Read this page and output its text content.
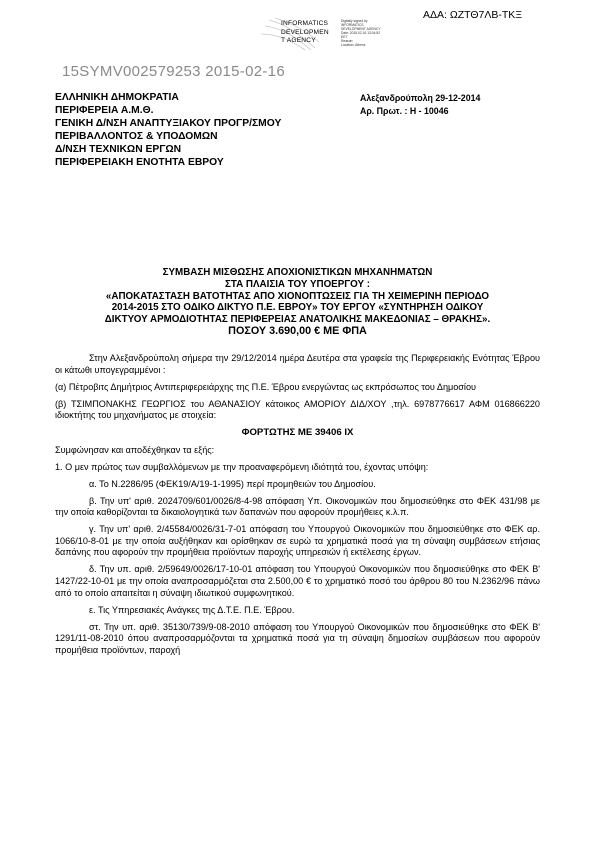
ΑΔΑ: ΩΖΤΘ7ΛΒ-ΤΚΞ
INFORMATICS
DEVELOPMEN
T AGENCY
Digitally signed by
INFORMATICS
DEVELOPMENT AGENCY
Date: 2015.02.16 13:04:52
EET
Reason:
Location: Athens
15SYMV002579253 2015-02-16
ΕΛΛΗΝΙΚΗ ΔΗΜΟΚΡΑΤΙΑ
ΠΕΡΙΦΕΡΕΙΑ Α.Μ.Θ.
ΓΕΝΙΚΗ Δ/ΝΣΗ ΑΝΑΠΤΥΞΙΑΚΟΥ ΠΡΟΓΡ/ΣΜΟΥ
ΠΕΡΙΒΑΛΛΟΝΤΟΣ & ΥΠΟΔΟΜΩΝ
Δ/ΝΣΗ ΤΕΧΝΙΚΩΝ ΕΡΓΩΝ
ΠΕΡΙΦΕΡΕΙΑΚΗ ΕΝΟΤΗΤΑ ΕΒΡΟΥ
Αλεξανδρούπολη 29-12-2014
Αρ. Πρωτ. : Η - 10046
ΣΥΜΒΑΣΗ ΜΙΣΘΩΣΗΣ ΑΠΟΧΙΟΝΙΣΤΙΚΩΝ ΜΗΧΑΝΗΜΑΤΩΝ
ΣΤΑ ΠΛΑΙΣΙΑ ΤΟΥ ΥΠΟΕΡΓΟΥ :
«ΑΠΟΚΑΤΑΣΤΑΣΗ ΒΑΤΟΤΗΤΑΣ ΑΠΟ ΧΙΟΝΟΠΤΩΣΕΙΣ ΓΙΑ ΤΗ ΧΕΙΜΕΡΙΝΗ ΠΕΡΙΟΔΟ
2014-2015 ΣΤΟ ΟΔΙΚΟ ΔΙΚΤΥΟ Π.Ε. ΕΒΡΟΥ» ΤΟΥ ΕΡΓΟΥ «ΣΥΝΤΗΡΗΣΗ ΟΔΙΚΟΥ
ΔΙΚΤΥΟΥ ΑΡΜΟΔΙΟΤΗΤΑΣ ΠΕΡΙΦΕΡΕΙΑΣ ΑΝΑΤΟΛΙΚΗΣ ΜΑΚΕΔΟΝΙΑΣ – ΘΡΑΚΗΣ».
ΠΟΣΟΥ 3.690,00 € ΜΕ ΦΠΑ

Στην Αλεξανδρούπολη σήμερα την 29/12/2014 ημέρα Δευτέρα στα γραφεία της Περιφερειακής Ενότητας Έβρου οι κάτωθι υπογεγραμμένοι :

(α) Πέτροβιτς Δημήτριος Αντιπεριφερειάρχης της Π.Ε. Έβρου ενεργώντας ως εκπρόσωπος του Δημοσίου

(β) ΤΣΙΜΠΟΝΑΚΗΣ ΓΕΩΡΓΙΟΣ του ΑΘΑΝΑΣΙΟΥ κάτοικος ΑΜΟΡΙΟΥ ΔΙΔ/ΧΟΥ ,τηλ. 6978776617 ΑΦΜ 016866220 ιδιοκτήτης του μηχανήματος με στοιχεία:

ΦΟΡΤΩΤΗΣ ΜΕ 39406 ΙΧ

Συμφώνησαν και αποδέχθηκαν τα εξής:

1. Ο μεν πρώτος των συμβαλλόμενων με την προαναφερόμενη ιδιότητά του, έχοντας υπόψη:

α. Το Ν.2286/95 (ΦΕΚ19/Α/19-1-1995) περί προμηθειών του Δημοσίου.

β. Την υπ' αριθ. 2024709/601/0026/8-4-98 απόφαση Υπ. Οικονομικών που δημοσιεύθηκε στο ΦΕΚ 431/98 με την οποία καθορίζονται τα δικαιολογητικά των δαπανών που αφορούν προμήθειες κ.λ.π.

γ. Την υπ' αριθ. 2/45584/0026/31-7-01 απόφαση του Υπουργού Οικονομικών που δημοσιεύθηκε στο ΦΕΚ αρ. 1066/10-8-01 με την οποία αυξήθηκαν και ορίσθηκαν σε ευρώ τα χρηματικά ποσά για τη σύναψη συμβάσεων ετήσιας δαπάνης που αφορούν την προμήθεια προϊόντων παροχής υπηρεσιών ή εκτέλεσης έργων.

δ. Την υπ. αριθ. 2/59649/0026/17-10-01 απόφαση του Υπουργού Οικονομικών που δημοσιεύθηκε στο ΦΕΚ Β' 1427/22-10-01 με την οποία αναπροσαρμόζεται στα 2.500,00 € το χρηματικό ποσό του άρθρου 80 του Ν.2362/96 πάνω από το οποίο απαιτείται η σύναψη ιδιωτικού συμφωνητικού.

ε. Τις Υπηρεσιακές Ανάγκες της Δ.Τ.Ε. Π.Ε. Έβρου.

στ. Την υπ. αριθ. 35130/739/9-08-2010 απόφαση του Υπουργού Οικονομικών που δημοσιεύθηκε στο ΦΕΚ Β' 1291/11-08-2010 όπου αναπροσαρμόζονται τα χρηματικά ποσά για τη σύναψη δημοσίων συμβάσεων που αφορούν προμήθεια προϊόντων, παροχή
